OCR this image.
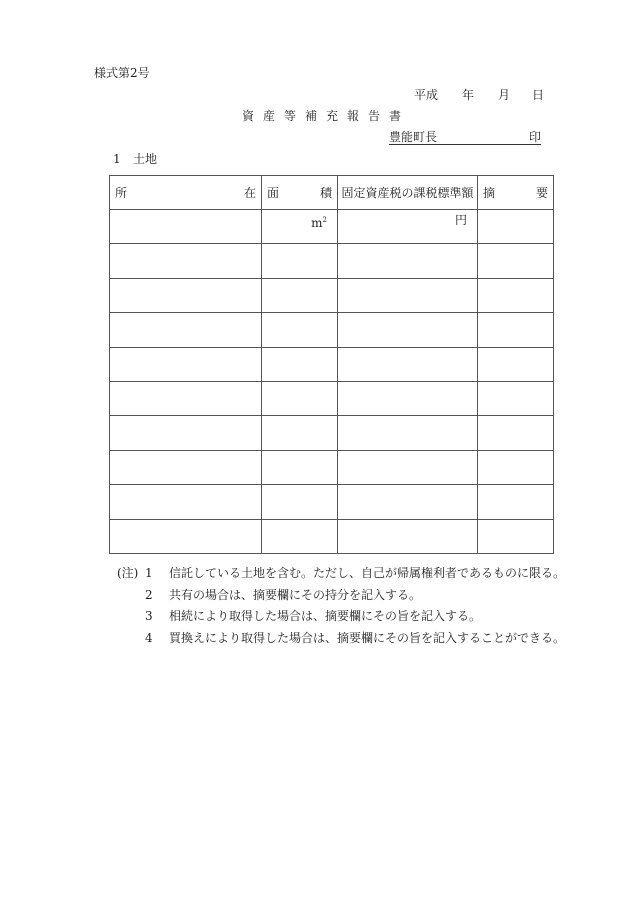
様式第2号
平成 年 月 日
資産等補充報告書
豊能町長	印
1 土地
所 在	面 積	固定資産税の課税標準額	摘 要

	$m^2$	円	

(注) 1	信託している土地を含む。ただし、自己が帰属権利者であるものに限る。
2	共有の場合は、摘要欄にその持分を記入する。
3	相続により取得した場合は、摘要欄にその旨を記入する。
4	買換えにより取得した場合は、摘要欄にその旨を記入することができる。
